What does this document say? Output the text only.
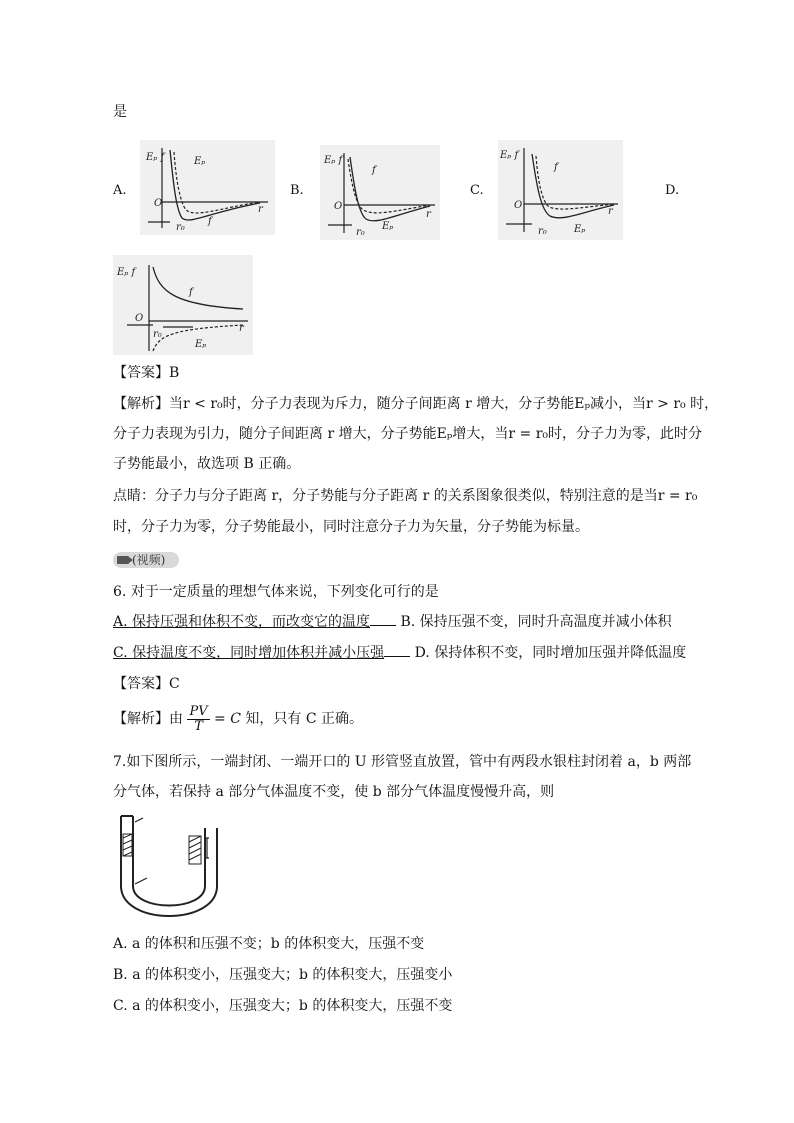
是
A.	B.	C.	D.
Eₚ f	Eₚ
f
O
r
r₀
Eₚ f
f
Eₚ
O
r
r₀
Eₚ f
f
Eₚ
O
r
r₀
Eₚ f
f
Eₚ
O
r
r₀
【答案】B
【解析】当r < r₀时，分子力表现为斥力，随分子间距离 r 增大，分子势能Eₚ减小，当r > r₀ 时，
分子力表现为引力，随分子间距离 r 增大，分子势能Eₚ增大，当r = r₀时，分子力为零，此时分
子势能最小，故选项 B 正确。
点睛：分子力与分子距离 r，分子势能与分子距离 r 的关系图象很类似，特别注意的是当r = r₀
时，分子力为零，分子势能最小，同时注意分子力为矢量，分子势能为标量。
(视频)
6. 对于一定质量的理想气体来说，下列变化可行的是
A. 保持压强和体积不变，而改变它的温度 B. 保持压强不变，同时升高温度并减小体积
C. 保持温度不变，同时增加体积并减小压强 D. 保持体积不变，同时增加压强并降低温度
【答案】C
【解析】由 $\frac{PV}{T} = C$ 知，只有 C 正确。
7.如下图所示，一端封闭、一端开口的 U 形管竖直放置，管中有两段水银柱封闭着 a，b 两部
分气体，若保持 a 部分气体温度不变，使 b 部分气体温度慢慢升高，则
A. a 的体积和压强不变；b 的体积变大，压强不变
B. a 的体积变小，压强变大；b 的体积变大，压强变小
C. a 的体积变小，压强变大；b 的体积变大，压强不变
